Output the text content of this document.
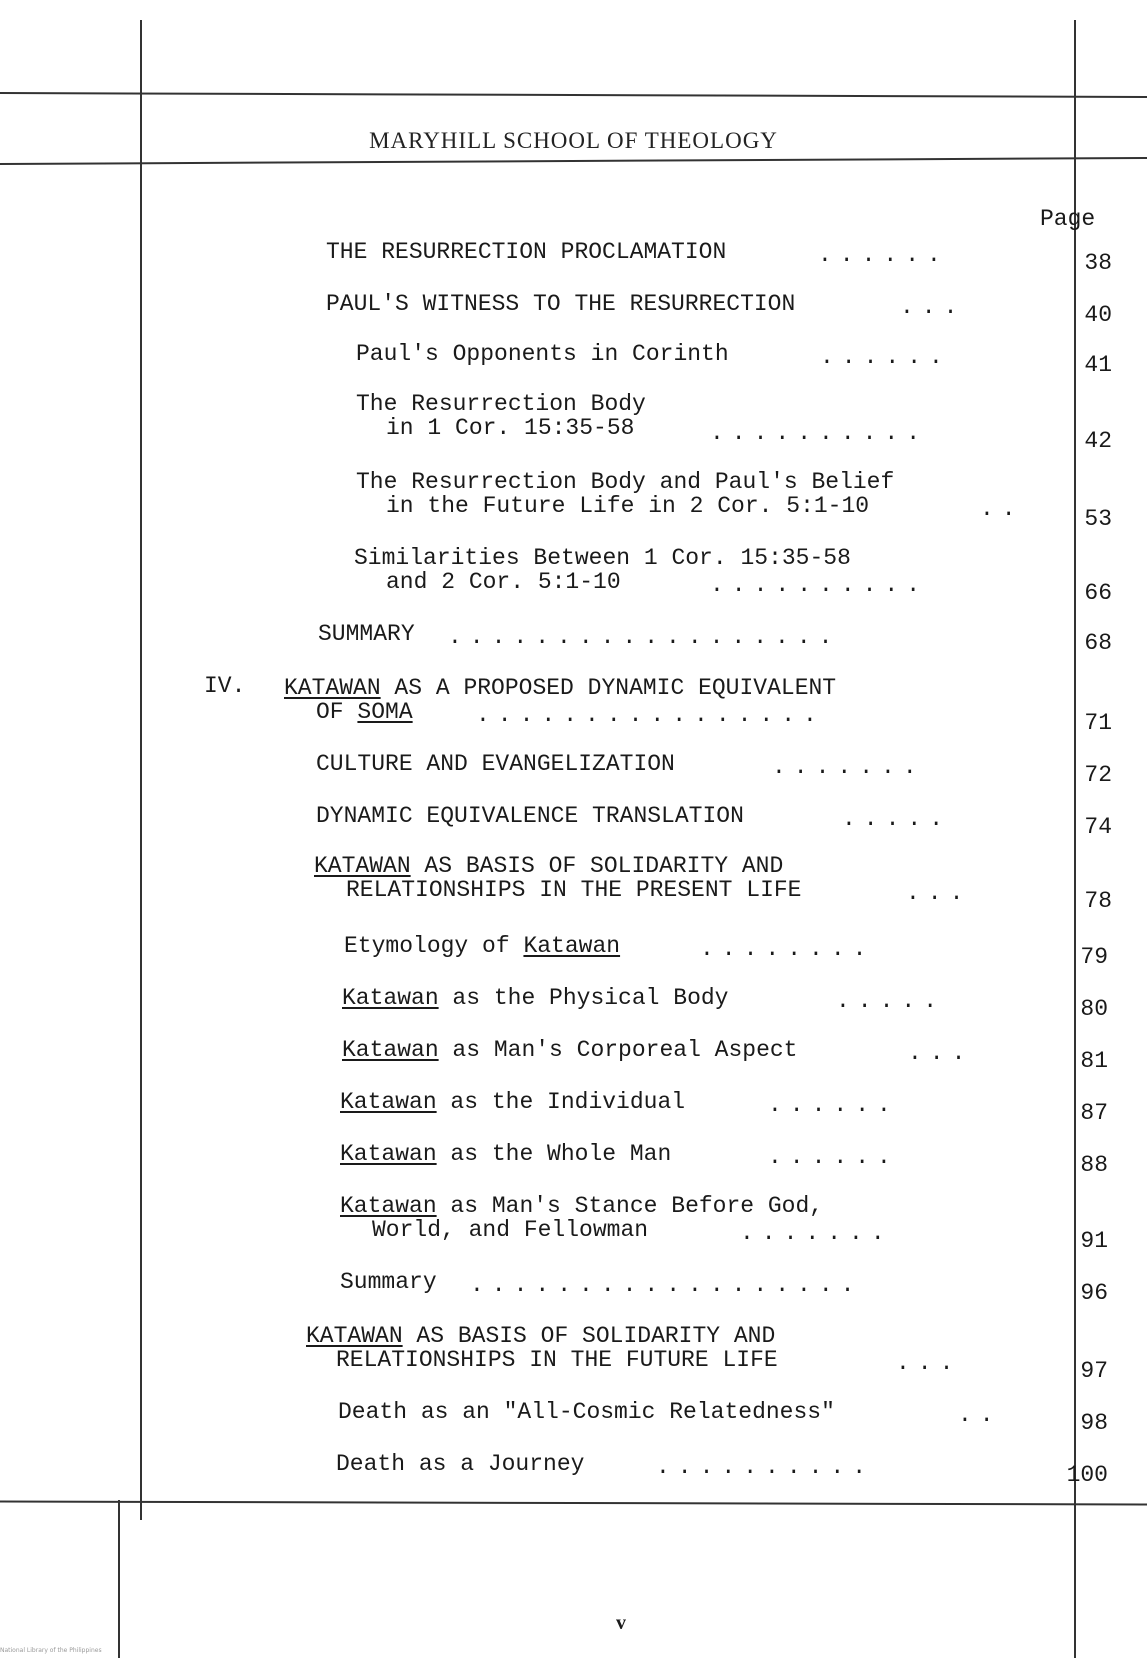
MARYHILL SCHOOL OF THEOLOGY
Page
THE RESURRECTION PROCLAMATION	......	38
PAUL'S WITNESS TO THE RESURRECTION	...	40
Paul's Opponents in Corinth	......	41
The Resurrection Body
in 1 Cor. 15:35-58	..........	42
The Resurrection Body and Paul's Belief
in the Future Life in 2 Cor. 5:1-10	..	53
Similarities Between 1 Cor. 15:35-58
and 2 Cor. 5:1-10	..........	66
SUMMARY ..................	68
IV. KATAWAN AS A PROPOSED DYNAMIC EQUIVALENT
OF SOMA	................	71
CULTURE AND EVANGELIZATION	.......	72
DYNAMIC EQUIVALENCE TRANSLATION	.....	74
KATAWAN AS BASIS OF SOLIDARITY AND
RELATIONSHIPS IN THE PRESENT LIFE	...	78
Etymology of Katawan	........	79
Katawan as the Physical Body	.....	80
Katawan as Man's Corporeal Aspect	...	81
Katawan as the Individual	......	87
Katawan as the Whole Man	......	88
Katawan as Man's Stance Before God,
World, and Fellowman	.......	91
Summary ..................	96
KATAWAN AS BASIS OF SOLIDARITY AND
RELATIONSHIPS IN THE FUTURE LIFE	...	97
Death as an "All-Cosmic Relatedness"	..	98
Death as a Journey	..........	100
v
National Library of the Philippines
